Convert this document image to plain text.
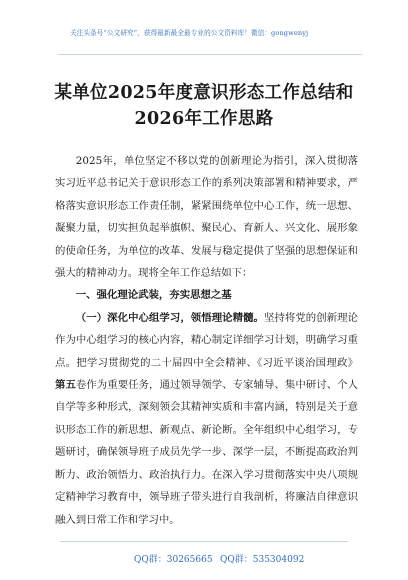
关注头条号“公文研究”，获得最新最全最专业的公文资料库！微信：gongwenyj
某单位2025年度意识形态工作总结和
2026年工作思路

2025年，单位坚定不移以党的创新理论为指引，深入贯彻落实习近平总书记关于意识形态工作的系列决策部署和精神要求，严格落实意识形态工作责任制，紧紧围绕单位中心工作，统一思想、凝聚力量，切实担负起举旗帜、聚民心、育新人、兴文化、展形象的使命任务，为单位的改革、发展与稳定提供了坚强的思想保证和强大的精神动力。现将全年工作总结如下：

一、强化理论武装，夯实思想之基

（一）深化中心组学习，领悟理论精髓。坚持将党的创新理论作为中心组学习的核心内容，精心制定详细学习计划，明确学习重点。把学习贯彻党的二十届四中全会精神、《习近平谈治国理政》第五卷作为重要任务，通过领导领学、专家辅导、集中研讨、个人自学等多种形式，深刻领会其精神实质和丰富内涵，特别是关于意识形态工作的新思想、新观点、新论断。全年组织中心组学习，专题研讨，确保领导班子成员先学一步、深学一层，不断提高政治判断力、政治领悟力、政治执行力。在深入学习贯彻落实中央八项规定精神学习教育中，领导班子带头进行自我剖析，将廉洁自律意识融入到日常工作和学习中。

QQ群：30265665 QQ群：535304092
